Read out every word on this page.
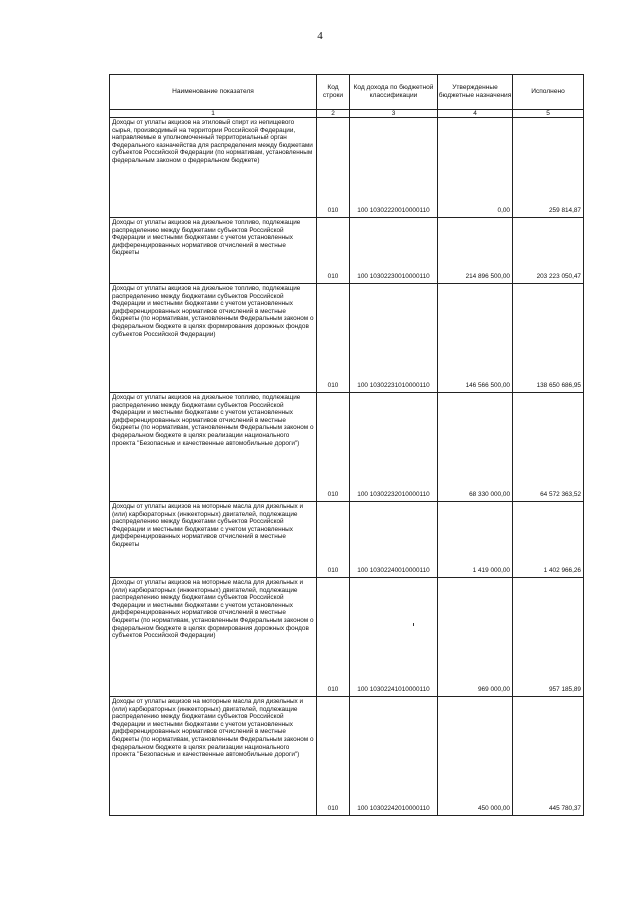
4
Наименование показателя	Код строки	Код дохода по бюджетной классификации	Утвержденные бюджетные назначения	Исполнено
1	2	3	4	5
Доходы от уплаты акцизов на этиловый спирт из непищевого сырья, производимый на территории Российской Федерации, направляемые в уполномоченный территориальный орган Федерального казначейства для распределения между бюджетами субъектов Российской Федерации (по нормативам, установленным федеральным законом о федеральном бюджете)	010	100 10302220010000110	0,00	259 814,87
Доходы от уплаты акцизов на дизельное топливо, подлежащие распределению между бюджетами субъектов Российской Федерации и местными бюджетами с учетом установленных дифференцированных нормативов отчислений в местные бюджеты	010	100 10302230010000110	214 896 500,00	203 223 050,47
Доходы от уплаты акцизов на дизельное топливо, подлежащие распределению между бюджетами субъектов Российской Федерации и местными бюджетами с учетом установленных дифференцированных нормативов отчислений в местные бюджеты (по нормативам, установленным Федеральным законом о федеральном бюджете в целях формирования дорожных фондов субъектов Российской Федерации)	010	100 10302231010000110	146 566 500,00	138 650 686,95
Доходы от уплаты акцизов на дизельное топливо, подлежащие распределению между бюджетами субъектов Российской Федерации и местными бюджетами с учетом установленных дифференцированных нормативов отчислений в местные бюджеты (по нормативам, установленным Федеральным законом о федеральном бюджете в целях реализации национального проекта "Безопасные и качественные автомобильные дороги")	010	100 10302232010000110	68 330 000,00	64 572 363,52
Доходы от уплаты акцизов на моторные масла для дизельных и (или) карбюраторных (инжекторных) двигателей, подлежащие распределению между бюджетами субъектов Российской Федерации и местными бюджетами с учетом установленных дифференцированных нормативов отчислений в местные бюджеты	010	100 10302240010000110	1 419 000,00	1 402 966,26
Доходы от уплаты акцизов на моторные масла для дизельных и (или) карбюраторных (инжекторных) двигателей, подлежащие распределению между бюджетами субъектов Российской Федерации и местными бюджетами с учетом установленных дифференцированных нормативов отчислений в местные бюджеты (по нормативам, установленным Федеральным законом о федеральном бюджете в целях формирования дорожных фондов субъектов Российской Федерации)	010	100 10302241010000110	969 000,00	957 185,89
Доходы от уплаты акцизов на моторные масла для дизельных и (или) карбюраторных (инжекторных) двигателей, подлежащие распределению между бюджетами субъектов Российской Федерации и местными бюджетами с учетом установленных дифференцированных нормативов отчислений в местные бюджеты (по нормативам, установленным Федеральным законом о федеральном бюджете в целях реализации национального проекта "Безопасные и качественные автомобильные дороги")	010	100 10302242010000110	450 000,00	445 780,37
